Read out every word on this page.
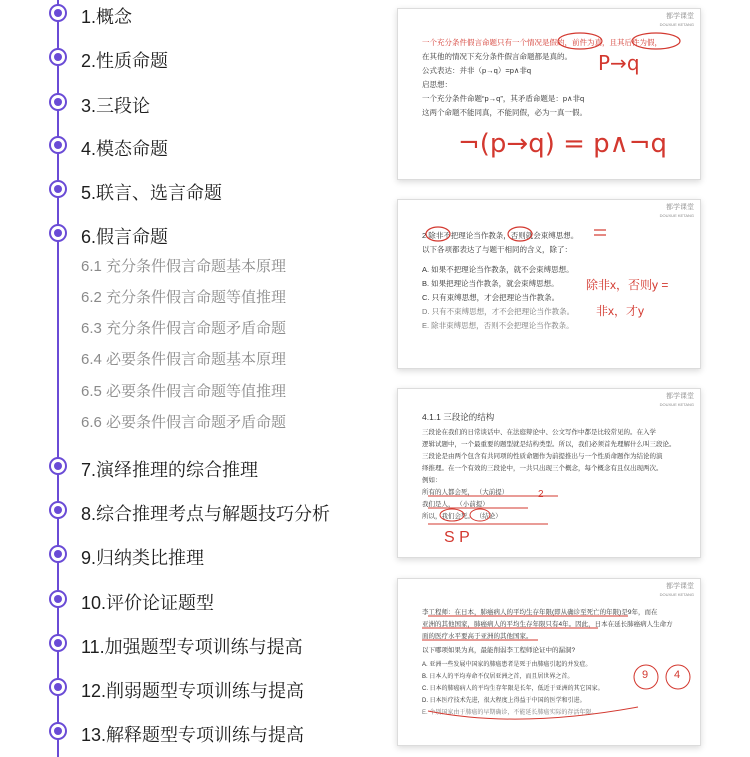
1.概念
2.性质命题
3.三段论
4.模态命题
5.联言、选言命题
6.假言命题
6.1 充分条件假言命题基本原理
6.2 充分条件假言命题等值推理
6.3 充分条件假言命题矛盾命题
6.4 必要条件假言命题基本原理
6.5 必要条件假言命题等值推理
6.6 必要条件假言命题矛盾命题
7.演绎推理的综合推理
8.综合推理考点与解题技巧分析
9.归纳类比推理
10.评价论证题型
11.加强题型专项训练与提高
12.削弱题型专项训练与提高
13.解释题型专项训练与提高
都学课堂
DOUXUE KETANG
一个充分条件假言命题只有一个情况是假的，前件为真，且其后件为假，
在其他的情况下充分条件假言命题都是真的。
公式表达：并非（p→q）=p∧非q
启思想：
一个充分条件命题“p→q”，其矛盾命题是：p∧非q
这两个命题不能同真，不能同假，必为一真一假。
P→q
¬(p→q) = p∧¬q
都学课堂
DOUXUE KETANG
2.除非不把理论当作教条，否则就会束缚思想。
以下各项都表达了与题干相同的含义，除了：
A. 如果不把理论当作教条，就不会束缚思想。
B. 如果把理论当作教条，就会束缚思想。
C. 只有束缚思想，才会把理论当作教条。
D. 只有不束缚思想，才不会把理论当作教条。
E. 除非束缚思想，否则不会把理论当作教条。
除非x，否则y =
非x，才y
都学课堂
DOUXUE KETANG
4.1.1 三段论的结构
三段论在我们的日常谈话中、在法庭辩论中、公文写作中都是比较常见的。在入学
逻辑试题中，一个最重要的题型就是结构类型。所以，我们必须首先理解什么叫三段论。
三段论是由两个包含有共同项的性质命题作为前提推出与一个性质命题作为结论的演
绎推理。在一个有效的三段论中，一共只出现三个概念，每个概念有且仅出现两次。
例如：
所有的人都会死， （大前提）
我们是人， （小前提）
所以，我们会死。 （结论）
2
S P
都学课堂
DOUXUE KETANG
李工程师：在日本，肺癌病人的平均生存年限(即从确诊至死亡的年限)是9年，而在
亚洲的其他国家，肺癌病人的平均生存年限只有4年。因此，日本在延长肺癌病人生命方
面的医疗水平要高于亚洲的其他国家。
以下哪项如果为真，最能削弱李工程师论证中的漏洞?
A. 亚洲一些发展中国家的肺癌患者是死于由肺癌引起的并发症。
B. 日本人的平均寿命不仅居亚洲之首，而且居世界之首。
C. 日本的肺癌病人的平均生存年限是长年，低近于亚洲的其它国家。
D. 日本医疗技术先进，很大程度上得益于中国的医学和引进。
E. 个别国家由于肺癌的早期确诊，不能延长肺癌实际的存活年限。
9 4
